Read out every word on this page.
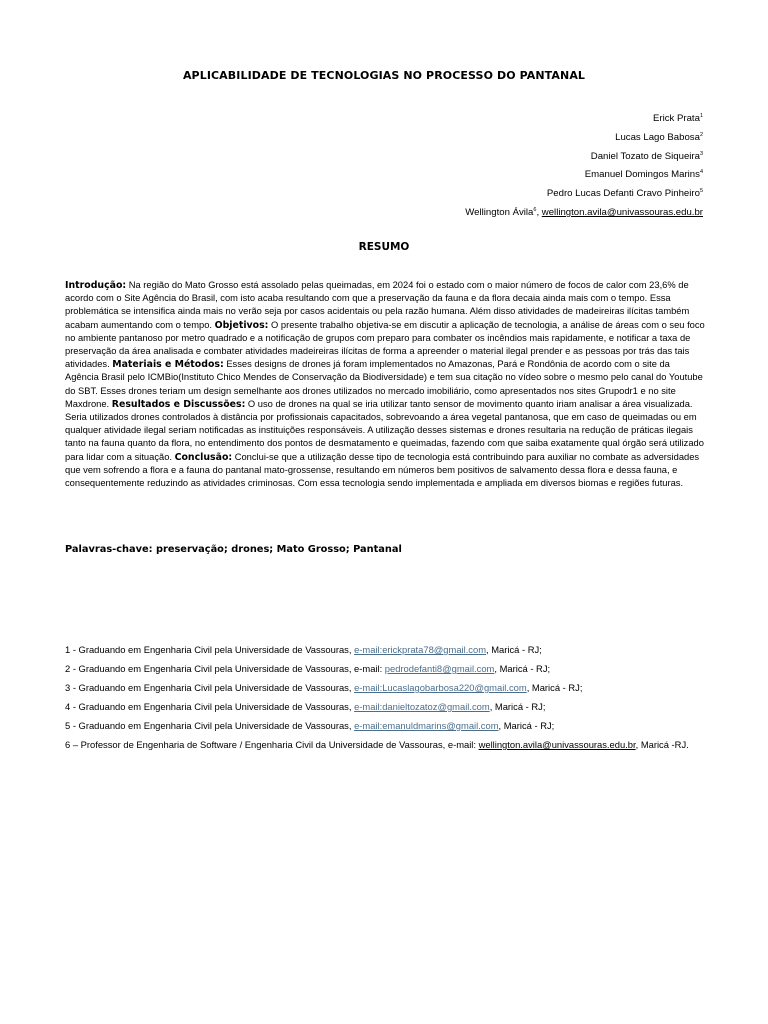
APLICABILIDADE DE TECNOLOGIAS NO PROCESSO DO PANTANAL
Erick Prata$^1$
Lucas Lago Babosa$^2$
Daniel Tozato de Siqueira$^3$
Emanuel Domingos Marins$^4$
Pedro Lucas Defanti Cravo Pinheiro$^5$
Wellington Ávila$^6$, wellington.avila@univassouras.edu.br
RESUMO
Introdução: Na região do Mato Grosso está assolado pelas queimadas, em 2024 foi o estado com o maior número de focos de calor com 23,6% de acordo com o Site Agência do Brasil, com isto acaba resultando com que a preservação da fauna e da flora decaia ainda mais com o tempo. Essa problemática se intensifica ainda mais no verão seja por casos acidentais ou pela razão humana. Além disso atividades de madeireiras ilícitas também acabam aumentando com o tempo. Objetivos: O presente trabalho objetiva-se em discutir a aplicação de tecnologia, a análise de áreas com o seu foco no ambiente pantanoso por metro quadrado e a notificação de grupos com preparo para combater os incêndios mais rapidamente, e notificar a taxa de preservação da área analisada e combater atividades madeireiras ilícitas de forma a apreender o material ilegal prender e as pessoas por trás das tais atividades. Materiais e Métodos: Esses designs de drones já foram implementados no Amazonas, Pará e Rondônia de acordo com o site da Agência Brasil pelo ICMBio(Instituto Chico Mendes de Conservação da Biodiversidade) e tem sua citação no vídeo sobre o mesmo pelo canal do Youtube do SBT. Esses drones teriam um design semelhante aos drones utilizados no mercado imobiliário, como apresentados nos sites Grupodr1 e no site Maxdrone. Resultados e Discussões: O uso de drones na qual se iria utilizar tanto sensor de movimento quanto iriam analisar a área visualizada. Seria utilizados drones controlados à distância por profissionais capacitados, sobrevoando a área vegetal pantanosa, que em caso de queimadas ou em qualquer atividade ilegal seriam notificadas as instituições responsáveis. A utilização desses sistemas e drones resultaria na redução de práticas ilegais tanto na fauna quanto da flora, no entendimento dos pontos de desmatamento e queimadas, fazendo com que saiba exatamente qual órgão será utilizado para lidar com a situação. Conclusão: Conclui-se que a utilização desse tipo de tecnologia está contribuindo para auxiliar no combate as adversidades que vem sofrendo a flora e a fauna do pantanal mato-grossense, resultando em números bem positivos de salvamento dessa flora e dessa fauna, e consequentemente reduzindo as atividades criminosas. Com essa tecnologia sendo implementada e ampliada em diversos biomas e regiões futuras.
Palavras-chave: preservação; drones; Mato Grosso; Pantanal
1 - Graduando em Engenharia Civil pela Universidade de Vassouras, e-mail:erickprata78@gmail.com, Maricá - RJ;
2 - Graduando em Engenharia Civil pela Universidade de Vassouras, e-mail: pedrodefanti8@gmail.com, Maricá - RJ;
3 - Graduando em Engenharia Civil pela Universidade de Vassouras, e-mail:Lucaslagobarbosa220@gmail.com, Maricá - RJ;
4 - Graduando em Engenharia Civil pela Universidade de Vassouras, e-mail:danieltozatoz@gmail.com, Maricá - RJ;
5 - Graduando em Engenharia Civil pela Universidade de Vassouras, e-mail:emanuldmarins@gmail.com, Maricá - RJ;
6 – Professor de Engenharia de Software / Engenharia Civil da Universidade de Vassouras, e-mail: wellington.avila@univassouras.edu.br, Maricá -RJ.
